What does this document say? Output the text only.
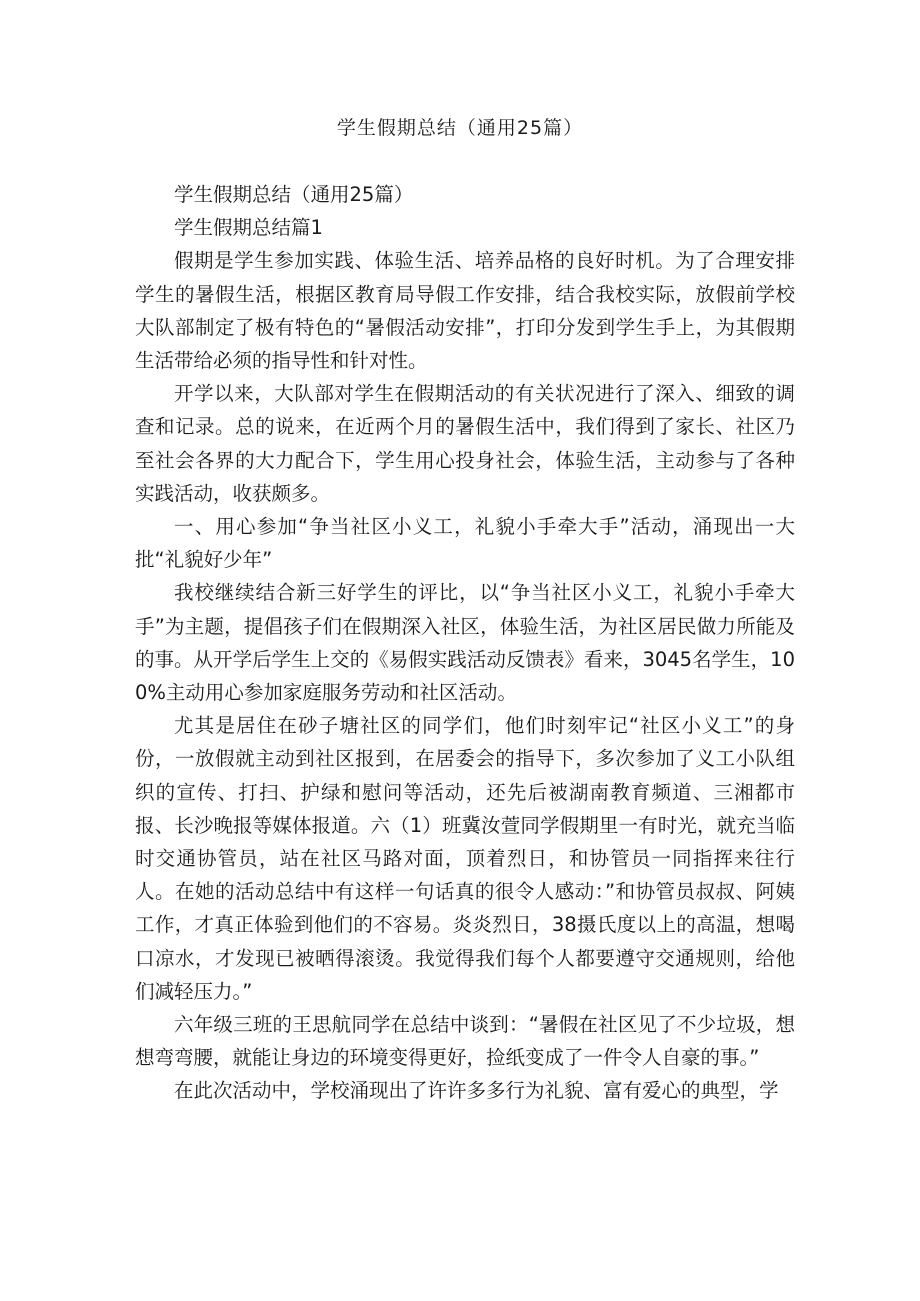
学生假期总结（通用25篇）

学生假期总结（通用25篇）

学生假期总结篇1

假期是学生参加实践、体验生活、培养品格的良好时机。为了合理安排学生的暑假生活，根据区教育局导假工作安排，结合我校实际，放假前学校大队部制定了极有特色的“暑假活动安排”，打印分发到学生手上，为其假期生活带给必须的指导性和针对性。

开学以来，大队部对学生在假期活动的有关状况进行了深入、细致的调查和记录。总的说来，在近两个月的暑假生活中，我们得到了家长、社区乃至社会各界的大力配合下，学生用心投身社会，体验生活，主动参与了各种实践活动，收获颇多。

一、用心参加“争当社区小义工，礼貌小手牵大手”活动，涌现出一大批“礼貌好少年”

我校继续结合新三好学生的评比，以“争当社区小义工，礼貌小手牵大手”为主题，提倡孩子们在假期深入社区，体验生活，为社区居民做力所能及的事。从开学后学生上交的《易假实践活动反馈表》看来，3045名学生，100%主动用心参加家庭服务劳动和社区活动。

尤其是居住在砂子塘社区的同学们，他们时刻牢记“社区小义工”的身份，一放假就主动到社区报到，在居委会的指导下，多次参加了义工小队组织的宣传、打扫、护绿和慰问等活动，还先后被湖南教育频道、三湘都市报、长沙晚报等媒体报道。六（1）班冀汝萱同学假期里一有时光，就充当临时交通协管员，站在社区马路对面，顶着烈日，和协管员一同指挥来往行人。在她的活动总结中有这样一句话真的很令人感动：”和协管员叔叔、阿姨工作，才真正体验到他们的不容易。炎炎烈日，38摄氏度以上的高温，想喝口凉水，才发现已被晒得滚烫。我觉得我们每个人都要遵守交通规则，给他们减轻压力。”

六年级三班的王思航同学在总结中谈到：“暑假在社区见了不少垃圾，想想弯弯腰，就能让身边的环境变得更好，捡纸变成了一件令人自豪的事。”

在此次活动中，学校涌现出了许许多多行为礼貌、富有爱心的典型，学
